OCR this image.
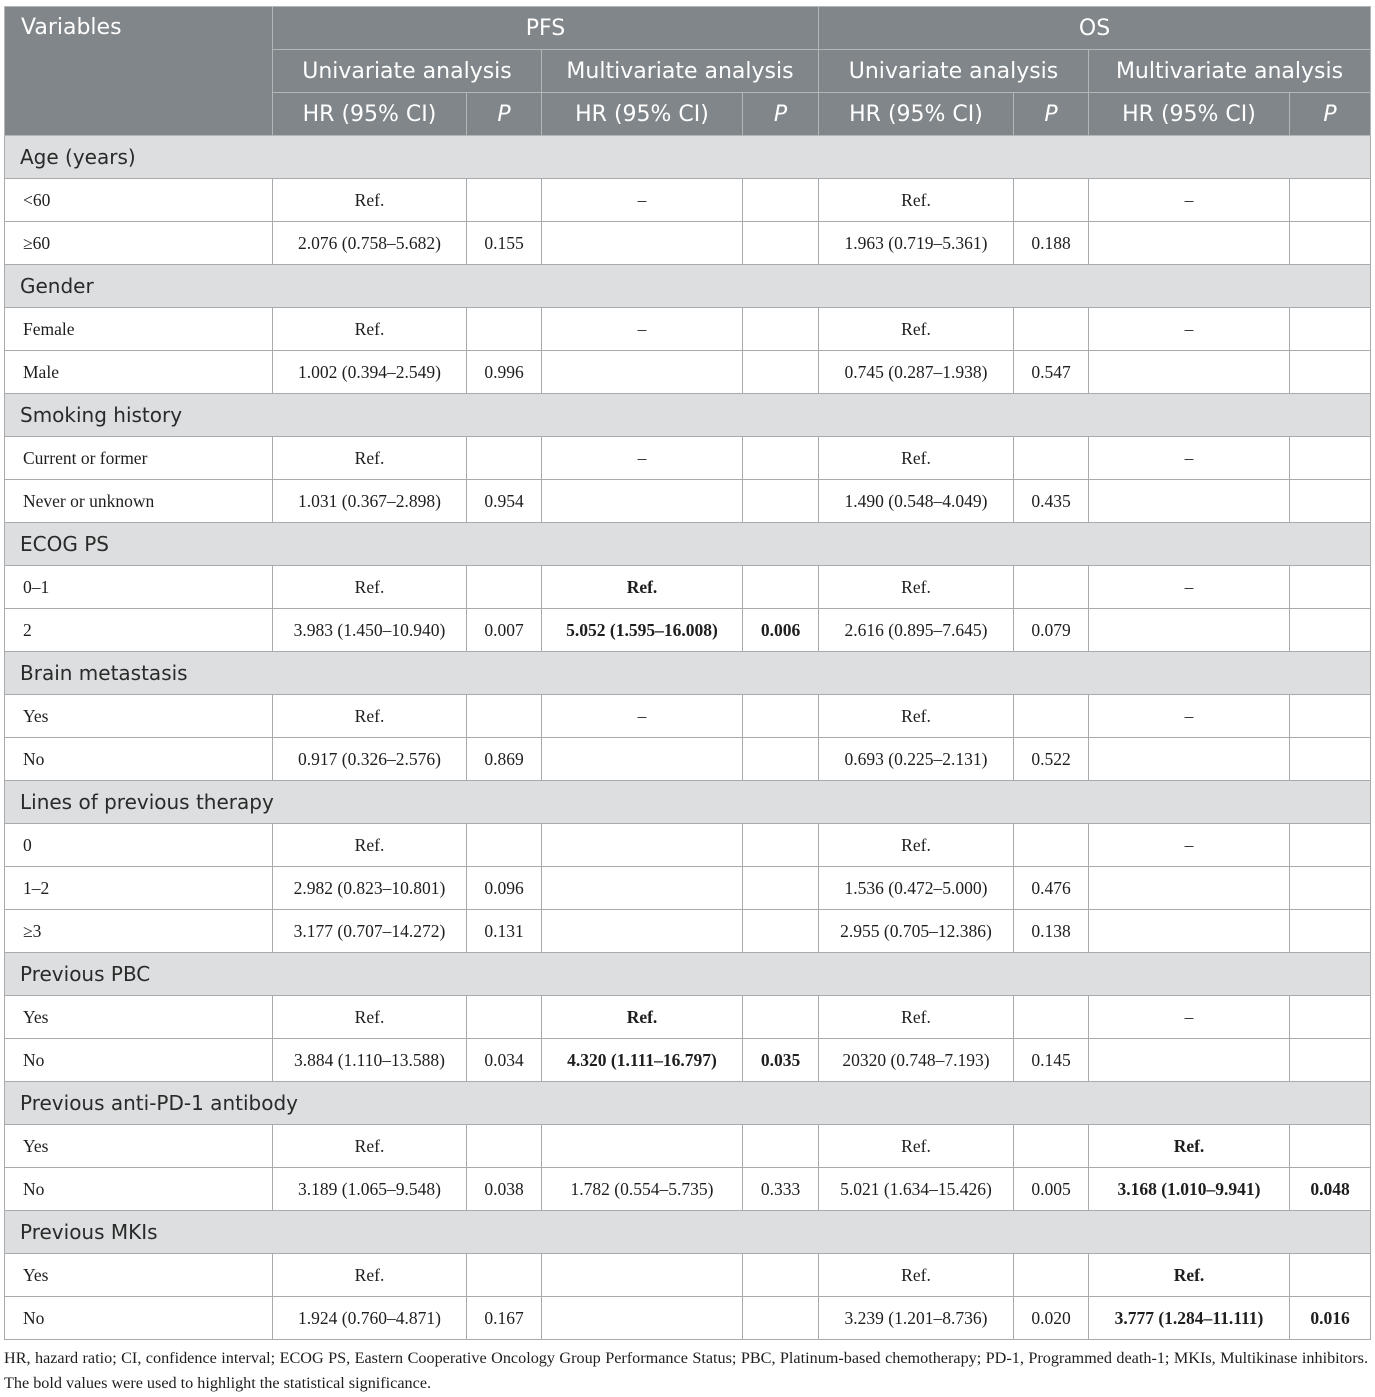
Variables	PFS				OS			
	Univariate analysis		Multivariate analysis		Univariate analysis		Multivariate analysis	
	HR (95% CI)	P	HR (95% CI)	P	HR (95% CI)	P	HR (95% CI)	P
Age (years)								
<60	Ref.		–		Ref.		–	
≥60	2.076 (0.758–5.682)	0.155			1.963 (0.719–5.361)	0.188		
Gender								
Female	Ref.		–		Ref.		–	
Male	1.002 (0.394–2.549)	0.996			0.745 (0.287–1.938)	0.547		
Smoking history								
Current or former	Ref.		–		Ref.		–	
Never or unknown	1.031 (0.367–2.898)	0.954			1.490 (0.548–4.049)	0.435		
ECOG PS								
0–1	Ref.		Ref.		Ref.		–	
2	3.983 (1.450–10.940)	0.007	5.052 (1.595–16.008)	0.006	2.616 (0.895–7.645)	0.079		
Brain metastasis								
Yes	Ref.		–		Ref.		–	
No	0.917 (0.326–2.576)	0.869			0.693 (0.225–2.131)	0.522		
Lines of previous therapy								
0	Ref.				Ref.		–	
1–2	2.982 (0.823–10.801)	0.096			1.536 (0.472–5.000)	0.476		
≥3	3.177 (0.707–14.272)	0.131			2.955 (0.705–12.386)	0.138		
Previous PBC								
Yes	Ref.		Ref.		Ref.		–	
No	3.884 (1.110–13.588)	0.034	4.320 (1.111–16.797)	0.035	20320 (0.748–7.193)	0.145		
Previous anti-PD-1 antibody								
Yes	Ref.				Ref.		Ref.	
No	3.189 (1.065–9.548)	0.038	1.782 (0.554–5.735)	0.333	5.021 (1.634–15.426)	0.005	3.168 (1.010–9.941)	0.048
Previous MKIs								
Yes	Ref.				Ref.		Ref.	
No	1.924 (0.760–4.871)	0.167			3.239 (1.201–8.736)	0.020	3.777 (1.284–11.111)	0.016
HR, hazard ratio; CI, confidence interval; ECOG PS, Eastern Cooperative Oncology Group Performance Status; PBC, Platinum-based chemotherapy; PD-1, Programmed death-1; MKIs, Multikinase inhibitors. The bold values were used to highlight the statistical significance.
